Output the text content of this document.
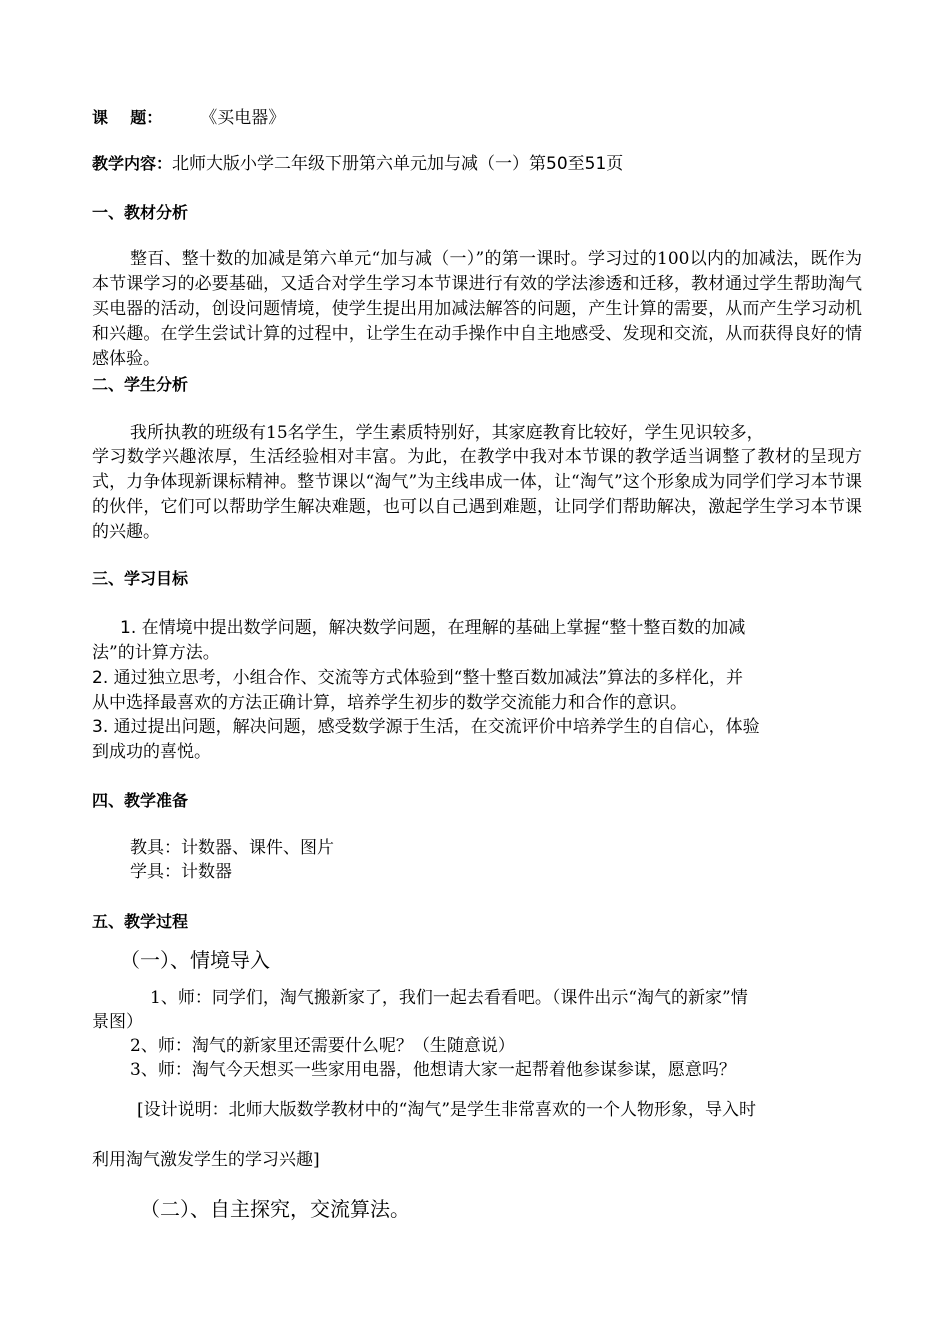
课    题： 《买电器》
教学内容：北师大版小学二年级下册第六单元加与减（一）第50至51页
一、教材分析
整百、整十数的加减是第六单元“加与减（一）”的第一课时。学习过的100以内的加减法，既作为本节课学习的必要基础，又适合对学生学习本节课进行有效的学法渗透和迁移，教材通过学生帮助淘气买电器的活动，创设问题情境，使学生提出用加减法解答的问题，产生计算的需要，从而产生学习动机和兴趣。在学生尝试计算的过程中，让学生在动手操作中自主地感受、发现和交流，从而获得良好的情感体验。
二、学生分析
我所执教的班级有15名学生，学生素质特别好，其家庭教育比较好，学生见识较多，
学习数学兴趣浓厚，生活经验相对丰富。为此，在教学中我对本节课的教学适当调整了教材的呈现方式，力争体现新课标精神。整节课以“淘气”为主线串成一体，让“淘气”这个形象成为同学们学习本节课的伙伴，它们可以帮助学生解决难题，也可以自己遇到难题，让同学们帮助解决，激起学生学习本节课的兴趣。
三、学习目标
1. 在情境中提出数学问题，解决数学问题，在理解的基础上掌握“整十整百数的加减
法”的计算方法。
2. 通过独立思考，小组合作、交流等方式体验到“整十整百数加减法”算法的多样化，并
从中选择最喜欢的方法正确计算，培养学生初步的数学交流能力和合作的意识。
3. 通过提出问题，解决问题，感受数学源于生活，在交流评价中培养学生的自信心，体验
到成功的喜悦。
四、教学准备
教具：计数器、课件、图片
学具：计数器
五、教学过程
（一）、情境导入
1、师：同学们，淘气搬新家了，我们一起去看看吧。（课件出示“淘气的新家”情
景图）
2、师：淘气的新家里还需要什么呢？（生随意说）
3、师：淘气今天想买一些家用电器，他想请大家一起帮着他参谋参谋，愿意吗？
[设计说明：北师大版数学教材中的“淘气”是学生非常喜欢的一个人物形象，导入时
利用淘气激发学生的学习兴趣]
（二）、自主探究，交流算法。
